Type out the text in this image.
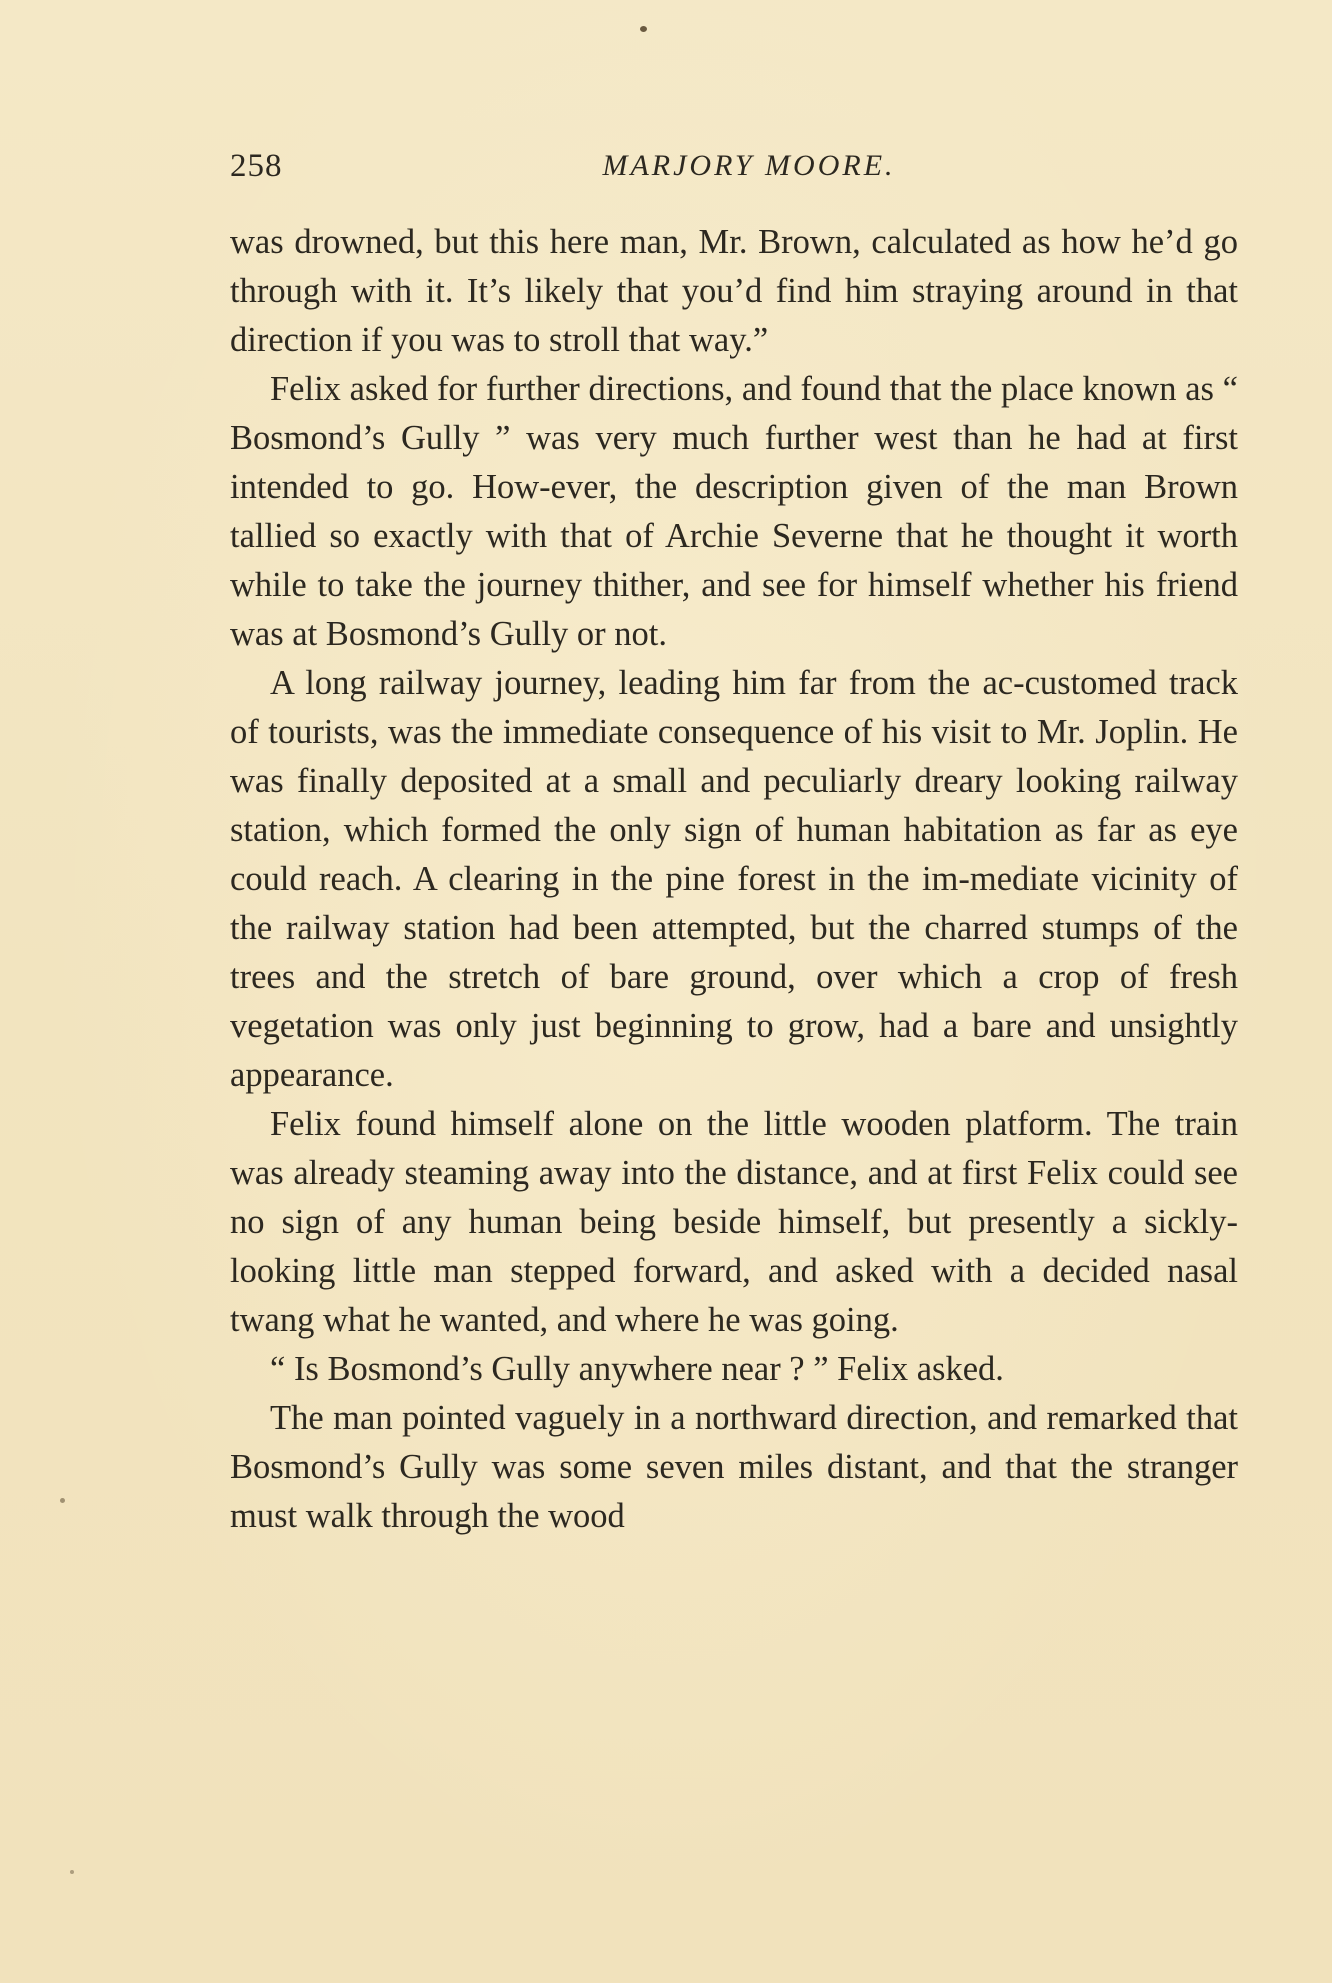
258	MARJORY MOORE.

was drowned, but this here man, Mr. Brown, calculated as how he’d go through with it. It’s likely that you’d find him straying around in that direction if you was to stroll that way.”

Felix asked for further directions, and found that the place known as “ Bosmond’s Gully ” was very much further west than he had at first intended to go. How-ever, the description given of the man Brown tallied so exactly with that of Archie Severne that he thought it worth while to take the journey thither, and see for himself whether his friend was at Bosmond’s Gully or not.

A long railway journey, leading him far from the ac-customed track of tourists, was the immediate consequence of his visit to Mr. Joplin. He was finally deposited at a small and peculiarly dreary looking railway station, which formed the only sign of human habitation as far as eye could reach. A clearing in the pine forest in the im-mediate vicinity of the railway station had been attempted, but the charred stumps of the trees and the stretch of bare ground, over which a crop of fresh vegetation was only just beginning to grow, had a bare and unsightly appearance.

Felix found himself alone on the little wooden platform. The train was already steaming away into the distance, and at first Felix could see no sign of any human being beside himself, but presently a sickly-looking little man stepped forward, and asked with a decided nasal twang what he wanted, and where he was going.

“ Is Bosmond’s Gully anywhere near ? ” Felix asked.

The man pointed vaguely in a northward direction, and remarked that Bosmond’s Gully was some seven miles distant, and that the stranger must walk through the wood
